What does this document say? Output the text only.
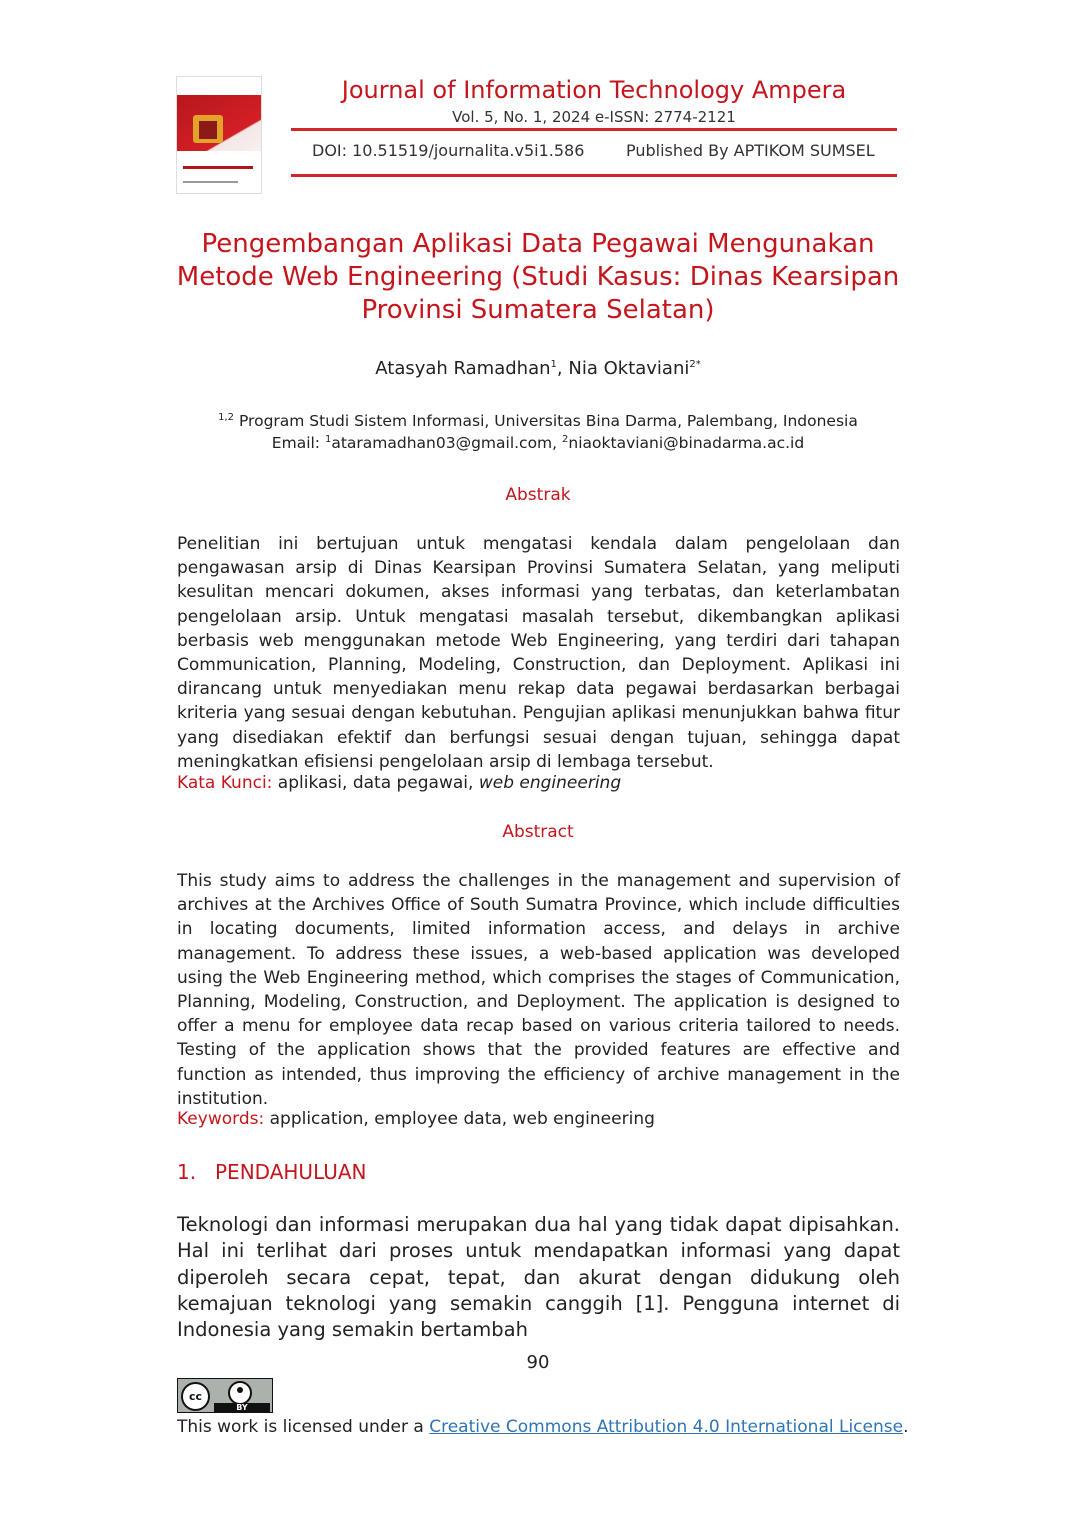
Journal of Information Technology Ampera
Vol. 5, No. 1, 2024 e-ISSN: 2774-2121
DOI: 10.51519/journalita.v5i1.586	Published By APTIKOM SUMSEL
Pengembangan Aplikasi Data Pegawai Mengunakan Metode Web Engineering (Studi Kasus: Dinas Kearsipan Provinsi Sumatera Selatan)
Atasyah Ramadhan$^1$, Nia Oktaviani$^{2*}$
$^{1,2}$ Program Studi Sistem Informasi, Universitas Bina Darma, Palembang, Indonesia
Email: $^1$ataramadhan03@gmail.com, $^2$niaoktaviani@binadarma.ac.id
Abstrak
Penelitian ini bertujuan untuk mengatasi kendala dalam pengelolaan dan pengawasan arsip di Dinas Kearsipan Provinsi Sumatera Selatan, yang meliputi kesulitan mencari dokumen, akses informasi yang terbatas, dan keterlambatan pengelolaan arsip. Untuk mengatasi masalah tersebut, dikembangkan aplikasi berbasis web menggunakan metode Web Engineering, yang terdiri dari tahapan Communication, Planning, Modeling, Construction, dan Deployment. Aplikasi ini dirancang untuk menyediakan menu rekap data pegawai berdasarkan berbagai kriteria yang sesuai dengan kebutuhan. Pengujian aplikasi menunjukkan bahwa fitur yang disediakan efektif dan berfungsi sesuai dengan tujuan, sehingga dapat meningkatkan efisiensi pengelolaan arsip di lembaga tersebut.
Kata Kunci: aplikasi, data pegawai, web engineering
Abstract
This study aims to address the challenges in the management and supervision of archives at the Archives Office of South Sumatra Province, which include difficulties in locating documents, limited information access, and delays in archive management. To address these issues, a web-based application was developed using the Web Engineering method, which comprises the stages of Communication, Planning, Modeling, Construction, and Deployment. The application is designed to offer a menu for employee data recap based on various criteria tailored to needs. Testing of the application shows that the provided features are effective and function as intended, thus improving the efficiency of archive management in the institution.
Keywords: application, employee data, web engineering
1. PENDAHULUAN
Teknologi dan informasi merupakan dua hal yang tidak dapat dipisahkan. Hal ini terlihat dari proses untuk mendapatkan informasi yang dapat diperoleh secara cepat, tepat, dan akurat dengan didukung oleh kemajuan teknologi yang semakin canggih [1]. Pengguna internet di Indonesia yang semakin bertambah
90
cc
BY
This work is licensed under a Creative Commons Attribution 4.0 International License.
